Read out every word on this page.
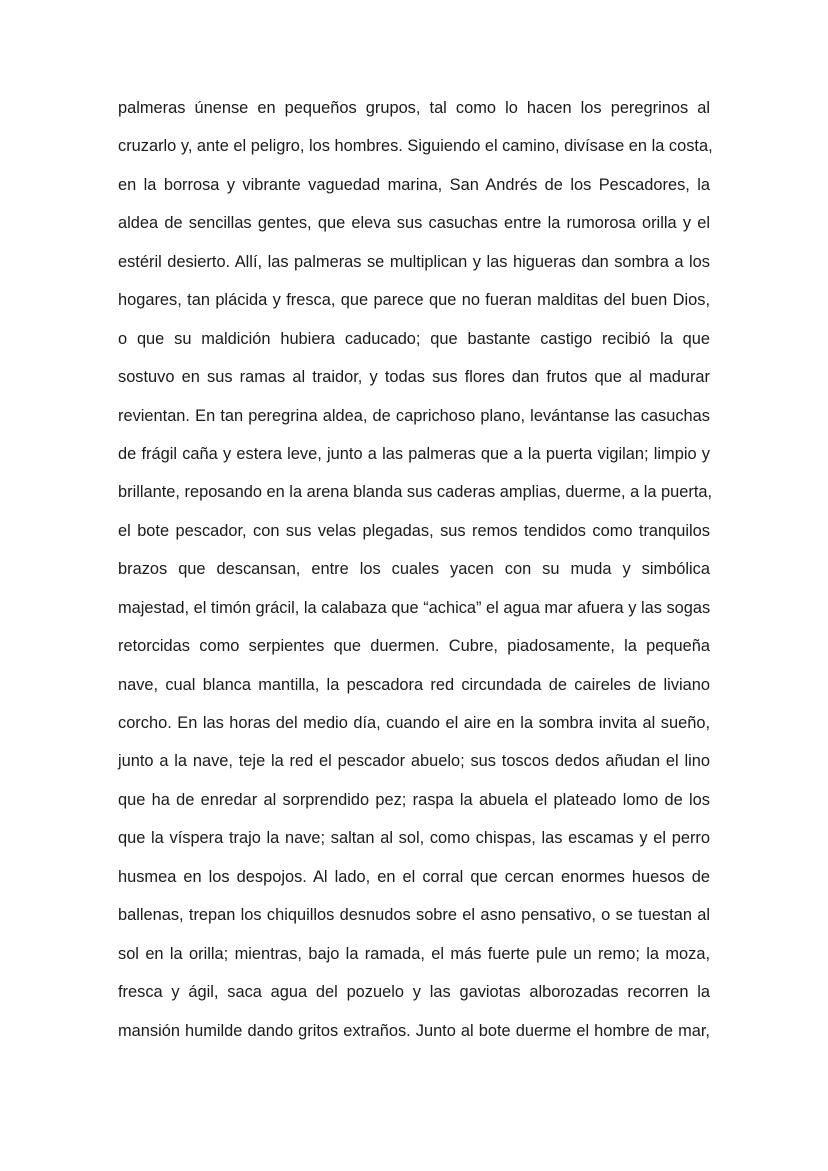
palmeras únense en pequeños grupos, tal como lo hacen los peregrinos al
cruzarlo y, ante el peligro, los hombres. Siguiendo el camino, divísase en la costa,
en la borrosa y vibrante vaguedad marina, San Andrés de los Pescadores, la
aldea de sencillas gentes, que eleva sus casuchas entre la rumorosa orilla y el
estéril desierto. Allí, las palmeras se multiplican y las higueras dan sombra a los
hogares, tan plácida y fresca, que parece que no fueran malditas del buen Dios,
o que su maldición hubiera caducado; que bastante castigo recibió la que
sostuvo en sus ramas al traidor, y todas sus flores dan frutos que al madurar
revientan. En tan peregrina aldea, de caprichoso plano, levántanse las casuchas
de frágil caña y estera leve, junto a las palmeras que a la puerta vigilan; limpio y
brillante, reposando en la arena blanda sus caderas amplias, duerme, a la puerta,
el bote pescador, con sus velas plegadas, sus remos tendidos como tranquilos
brazos que descansan, entre los cuales yacen con su muda y simbólica
majestad, el timón grácil, la calabaza que “achica” el agua mar afuera y las sogas
retorcidas como serpientes que duermen. Cubre, piadosamente, la pequeña
nave, cual blanca mantilla, la pescadora red circundada de caireles de liviano
corcho. En las horas del medio día, cuando el aire en la sombra invita al sueño,
junto a la nave, teje la red el pescador abuelo; sus toscos dedos añudan el lino
que ha de enredar al sorprendido pez; raspa la abuela el plateado lomo de los
que la víspera trajo la nave; saltan al sol, como chispas, las escamas y el perro
husmea en los despojos. Al lado, en el corral que cercan enormes huesos de
ballenas, trepan los chiquillos desnudos sobre el asno pensativo, o se tuestan al
sol en la orilla; mientras, bajo la ramada, el más fuerte pule un remo; la moza,
fresca y ágil, saca agua del pozuelo y las gaviotas alborozadas recorren la
mansión humilde dando gritos extraños. Junto al bote duerme el hombre de mar,
